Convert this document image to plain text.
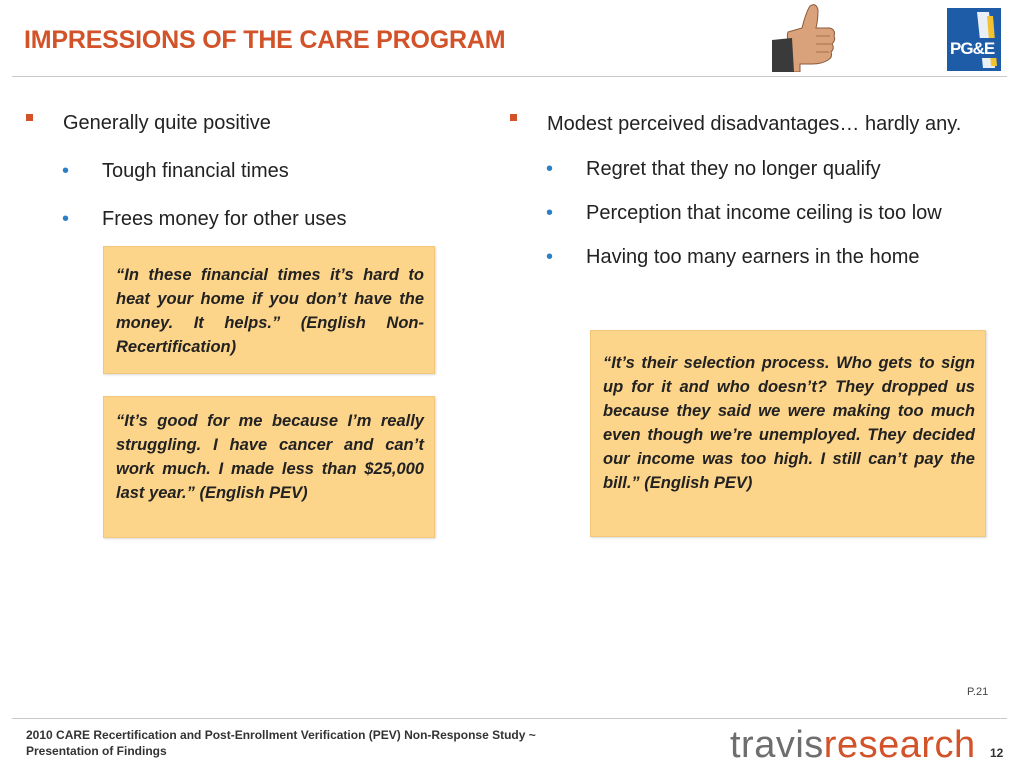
IMPRESSIONS OF THE CARE PROGRAM	PG&E
Generally quite positive
• Tough financial times
• Frees money for other uses
“In these financial times it’s hard to heat your home if you don’t have the money. It helps.” (English Non-Recertification)
“It’s good for me because I’m really struggling. I have cancer and can’t work much. I made less than $25,000 last year.” (English PEV)
Modest perceived disadvantages… hardly any.
• Regret that they no longer qualify
• Perception that income ceiling is too low
• Having too many earners in the home
“It’s their selection process. Who gets to sign up for it and who doesn’t? They dropped us because they said we were making too much even though we’re unemployed. They decided our income was too high. I still can’t pay the bill.” (English PEV)
P.21
2010 CARE Recertification and Post-Enrollment Verification (PEV) Non-Response Study ~
Presentation of Findings	travisresearch 12
